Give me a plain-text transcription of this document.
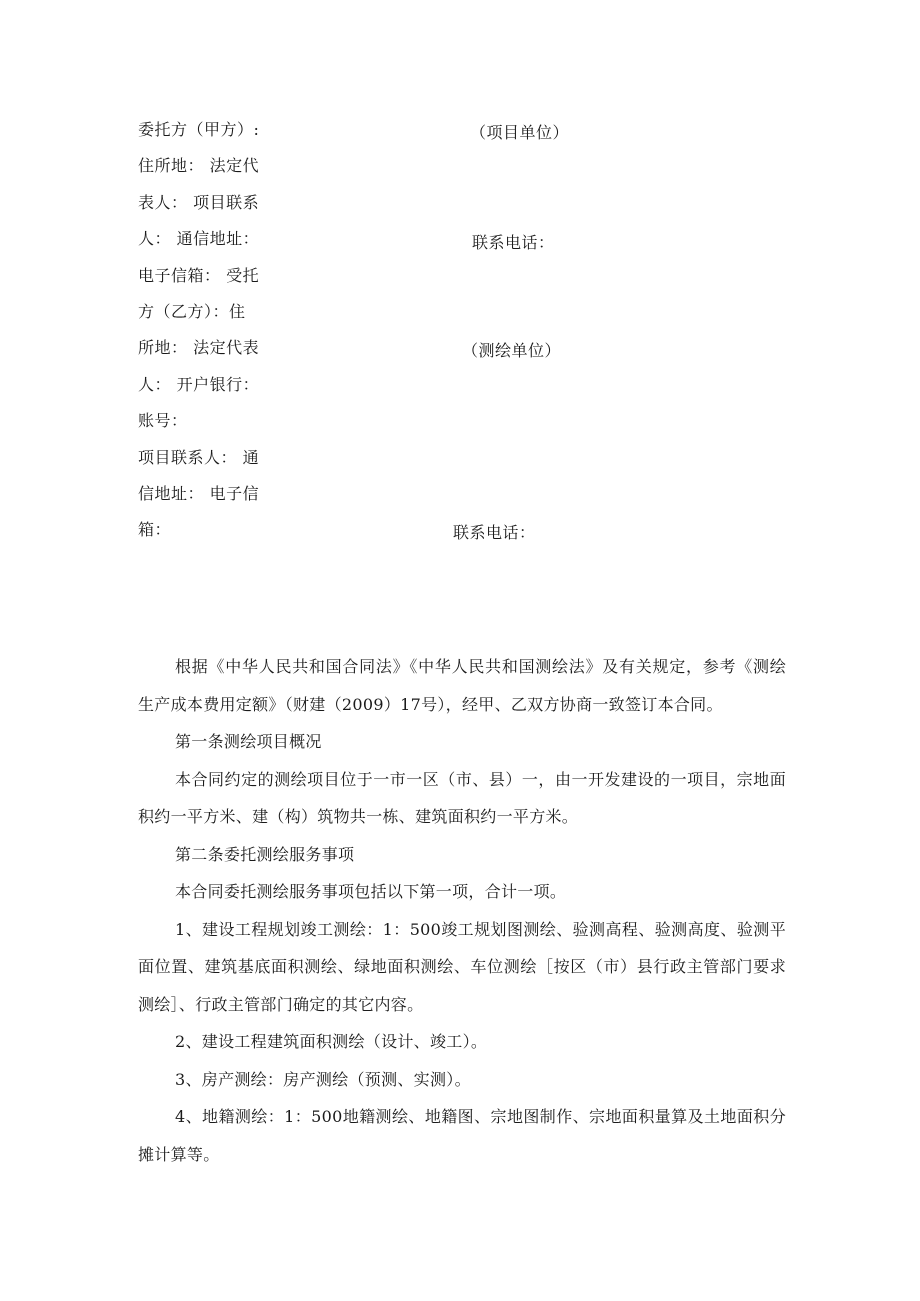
委托方（甲方）:
住所地： 法定代
表人： 项目联系
人： 通信地址：
电子信箱： 受托
方（乙方）：住
所地： 法定代表
人： 开户银行：
账号：
项目联系人： 通
信地址： 电子信
箱：
（项目单位）
联系电话：
（测绘单位）
联系电话：

根据《中华人民共和国合同法》《中华人民共和国测绘法》及有关规定，参考《测绘生产成本费用定额》（财建（2009）17号），经甲、乙双方协商一致签订本合同。

第一条测绘项目概况

本合同约定的测绘项目位于一市一区（市、县）一，由一开发建设的一项目，宗地面积约一平方米、建（构）筑物共一栋、建筑面积约一平方米。

第二条委托测绘服务事项

本合同委托测绘服务事项包括以下第一项，合计一项。

1、建设工程规划竣工测绘：1：500竣工规划图测绘、验测高程、验测高度、验测平面位置、建筑基底面积测绘、绿地面积测绘、车位测绘［按区（市）县行政主管部门要求测绘］、行政主管部门确定的其它内容。

2、建设工程建筑面积测绘（设计、竣工）。

3、房产测绘：房产测绘（预测、实测）。

4、地籍测绘：1：500地籍测绘、地籍图、宗地图制作、宗地面积量算及土地面积分摊计算等。
